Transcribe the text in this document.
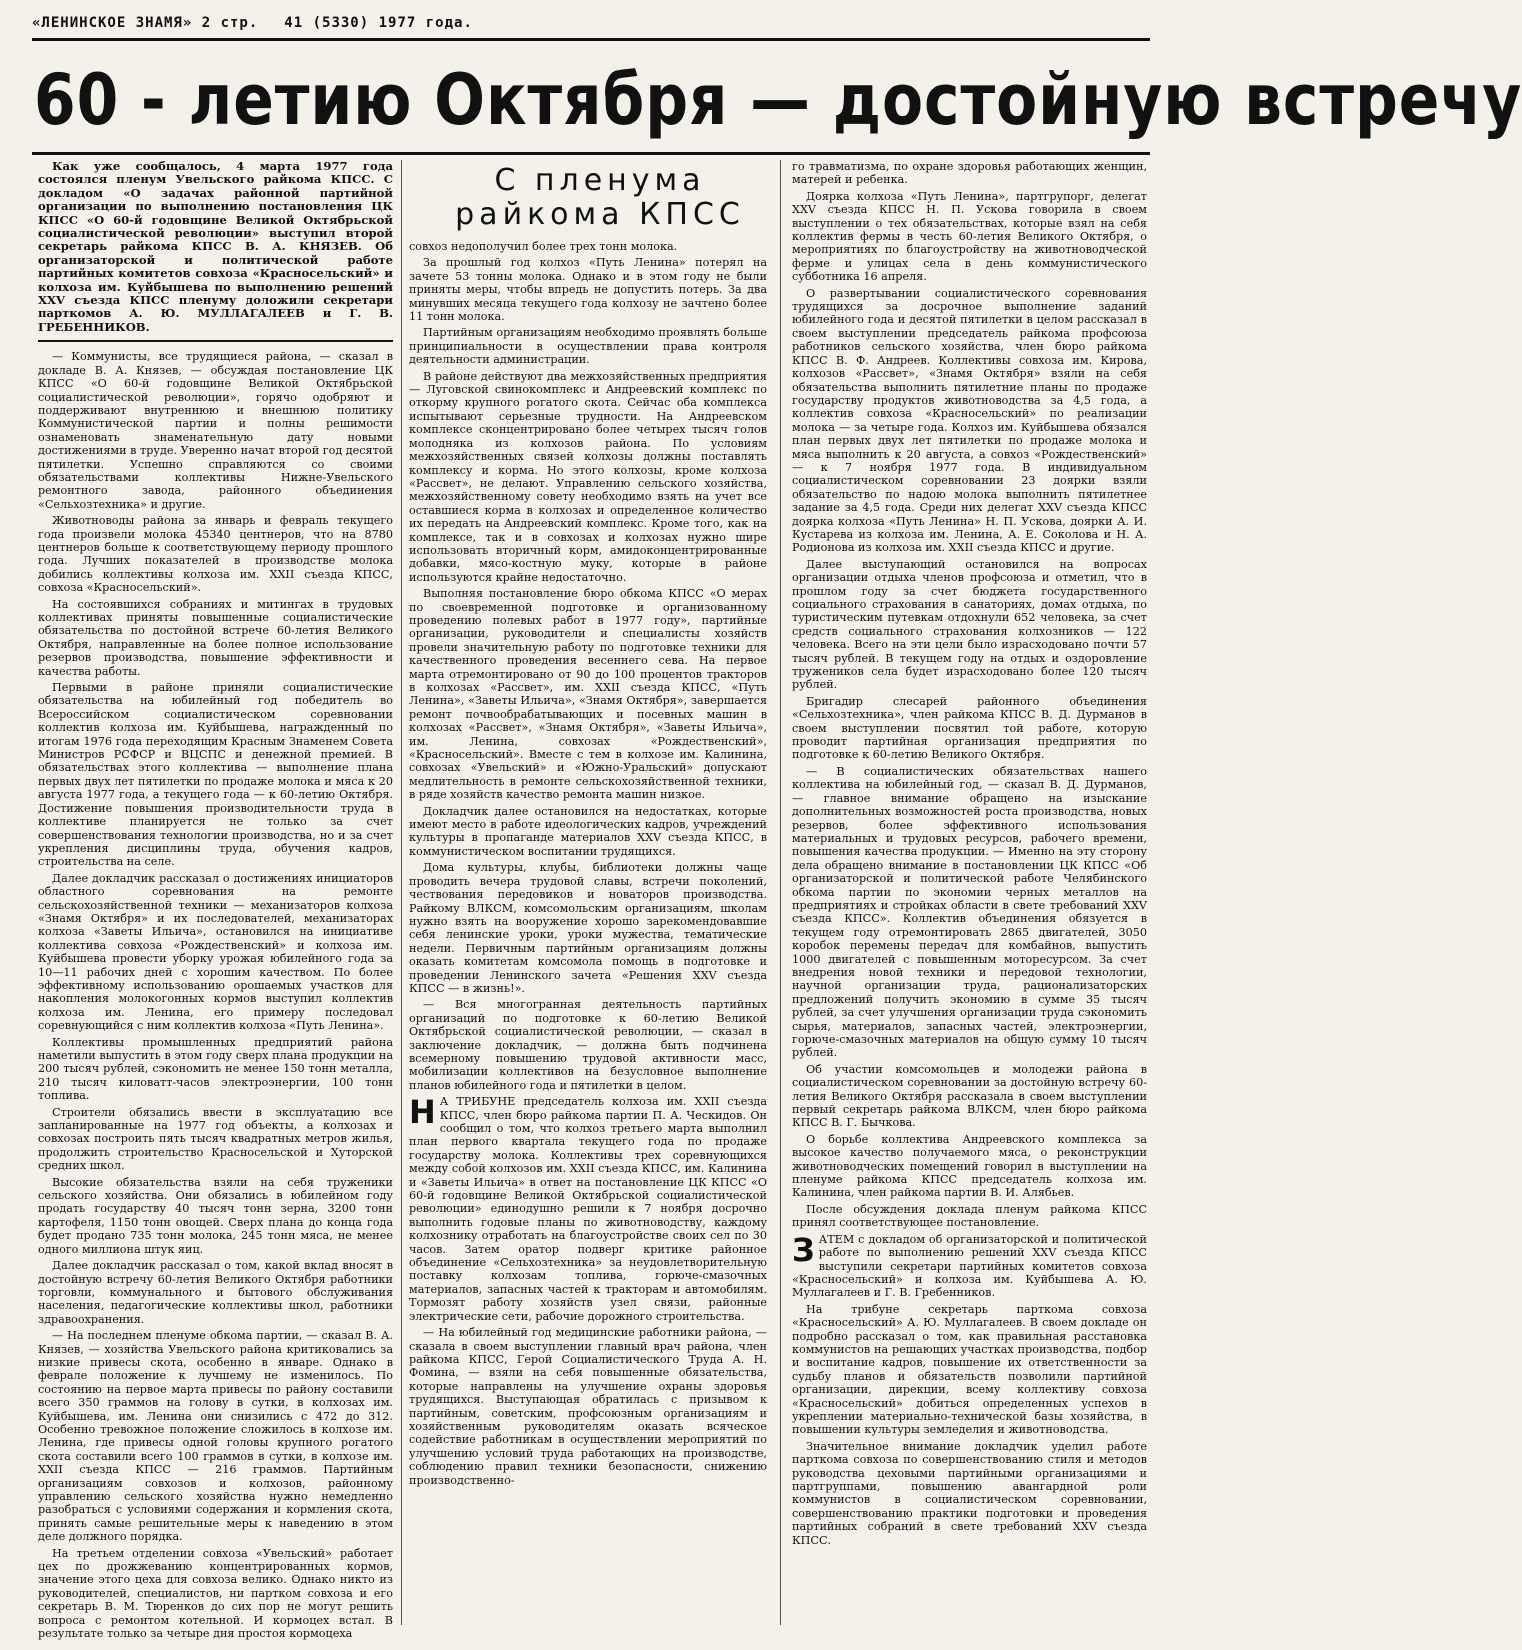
«ЛЕНИНСКОЕ ЗНАМЯ» 2 стр. 41 (5330) 1977 года.
60 - летию Октября — достойную встречу

Как уже сообщалось, 4 марта 1977 года состоялся пленум Увельского райкома КПСС. С докладом «О задачах районной партийной организации по выполнению постановления ЦК КПСС «О 60-й годовщине Великой Октябрьской социалистической революции» выступил второй секретарь райкома КПСС В. А. КНЯЗЕВ. Об организаторской и политической работе партийных комитетов совхоза «Красносельский» и колхоза им. Куйбышева по выполнению решений XXV съезда КПСС пленуму доложили секретари парткомов А. Ю. МУЛЛАГАЛЕЕВ и Г. В. ГРЕБЕННИКОВ.

— Коммунисты, все трудящиеся района, — сказал в докладе В. А. Князев, — обсуждая постановление ЦК КПСС «О 60-й годовщине Великой Октябрьской социалистической революции», горячо одобряют и поддерживают внутреннюю и внешнюю политику Коммунистической партии и полны решимости ознаменовать знаменательную дату новыми достижениями в труде. Уверенно начат второй год десятой пятилетки. Успешно справляются со своими обязательствами коллективы Нижне-Увельского ремонтного завода, районного объединения «Сельхозтехника» и другие.

Животноводы района за январь и февраль текущего года произвели молока 45340 центнеров, что на 8780 центнеров больше к соответствующему периоду прошлого года. Лучших показателей в производстве молока добились коллективы колхоза им. XXII съезда КПСС, совхоза «Красносельский».

На состоявшихся собраниях и митингах в трудовых коллективах приняты повышенные социалистические обязательства по достойной встрече 60-летия Великого Октября, направленные на более полное использование резервов производства, повышение эффективности и качества работы.

Первыми в районе приняли социалистические обязательства на юбилейный год победитель во Всероссийском социалистическом соревновании коллектив колхоза им. Куйбышева, награжденный по итогам 1976 года переходящим Красным Знаменем Совета Министров РСФСР и ВЦСПС и денежной премией. В обязательствах этого коллектива — выполнение плана первых двух лет пятилетки по продаже молока и мяса к 20 августа 1977 года, а текущего года — к 60-летию Октября. Достижение повышения производительности труда в коллективе планируется не только за счет совершенствования технологии производства, но и за счет укрепления дисциплины труда, обучения кадров, строительства на селе.

Далее докладчик рассказал о достижениях инициаторов областного соревнования на ремонте сельскохозяйственной техники — механизаторов колхоза «Знамя Октября» и их последователей, механизаторах колхоза «Заветы Ильича», остановился на инициативе коллектива совхоза «Рождественский» и колхоза им. Куйбышева провести уборку урожая юбилейного года за 10—11 рабочих дней с хорошим качеством. По более эффективному использованию орошаемых участков для накопления молокогонных кормов выступил коллектив колхоза им. Ленина, его примеру последовал соревнующийся с ним коллектив колхоза «Путь Ленина».

Коллективы промышленных предприятий района наметили выпустить в этом году сверх плана продукции на 200 тысяч рублей, сэкономить не менее 150 тонн металла, 210 тысяч киловатт-часов электроэнергии, 100 тонн топлива.

Строители обязались ввести в эксплуатацию все запланированные на 1977 год объекты, а колхозах и совхозах построить пять тысяч квадратных метров жилья, продолжить строительство Красносельской и Хуторской средних школ.

Высокие обязательства взяли на себя труженики сельского хозяйства. Они обязались в юбилейном году продать государству 40 тысяч тонн зерна, 3200 тонн картофеля, 1150 тонн овощей. Сверх плана до конца года будет продано 735 тонн молока, 245 тонн мяса, не менее одного миллиона штук яиц.

Далее докладчик рассказал о том, какой вклад вносят в достойную встречу 60-летия Великого Октября работники торговли, коммунального и бытового обслуживания населения, педагогические коллективы школ, работники здравоохранения.

— На последнем пленуме обкома партии, — сказал В. А. Князев, — хозяйства Увельского района критиковались за низкие привесы скота, особенно в январе. Однако в феврале положение к лучшему не изменилось. По состоянию на первое марта привесы по району составили всего 350 граммов на голову в сутки, в колхозах им. Куйбышева, им. Ленина они снизились с 472 до 312. Особенно тревожное положение сложилось в колхозе им. Ленина, где привесы одной головы крупного рогатого скота составили всего 100 граммов в сутки, в колхозе им. XXII съезда КПСС — 216 граммов. Партийным организациям совхозов и колхозов, районному управлению сельского хозяйства нужно немедленно разобраться с условиями содержания и кормления скота, принять самые решительные меры к наведению в этом деле должного порядка.

На третьем отделении совхоза «Увельский» работает цех по дрожжеванию концентрированных кормов, значение этого цеха для совхоза велико. Однако никто из руководителей, специалистов, ни партком совхоза и его секретарь В. М. Тюренков до сих пор не могут решить вопроса с ремонтом котельной. И кормоцех встал. В результате только за четыре дня простоя кормоцеха

совхоз недополучил более трех тонн молока.

За прошлый год колхоз «Путь Ленина» потерял на зачете 53 тонны молока. Однако и в этом году не были приняты меры, чтобы впредь не допустить потерь. За два минувших месяца текущего года колхозу не зачтено более 11 тонн молока.

Партийным организациям необходимо проявлять больше принципиальности в осуществлении права контроля деятельности администрации.

В районе действуют два межхозяйственных предприятия — Луговской свинокомплекс и Андреевский комплекс по откорму крупного рогатого скота. Сейчас оба комплекса испытывают серьезные трудности. На Андреевском комплексе сконцентрировано более четырех тысяч голов молодняка из колхозов района. По условиям межхозяйственных связей колхозы должны поставлять комплексу и корма. Но этого колхозы, кроме колхоза «Рассвет», не делают. Управлению сельского хозяйства, межхозяйственному совету необходимо взять на учет все оставшиеся корма в колхозах и определенное количество их передать на Андреевский комплекс. Кроме того, как на комплексе, так и в совхозах и колхозах нужно шире использовать вторичный корм, амидоконцентрированные добавки, мясо-костную муку, которые в районе используются крайне недостаточно.

Выполняя постановление бюро обкома КПСС «О мерах по своевременной подготовке и организованному проведению полевых работ в 1977 году», партийные организации, руководители и специалисты хозяйств провели значительную работу по подготовке техники для качественного проведения весеннего сева. На первое марта отремонтировано от 90 до 100 процентов тракторов в колхозах «Рассвет», им. XXII съезда КПСС, «Путь Ленина», «Заветы Ильича», «Знамя Октября», завершается ремонт почвообрабатывающих и посевных машин в колхозах «Рассвет», «Знамя Октября», «Заветы Ильича», им. Ленина, совхозах «Рождественский», «Красносельский». Вместе с тем в колхозе им. Калинина, совхозах «Увельский» и «Южно-Уральский» допускают медлительность в ремонте сельскохозяйственной техники, в ряде хозяйств качество ремонта машин низкое.

Докладчик далее остановился на недостатках, которые имеют место в работе идеологических кадров, учреждений культуры в пропаганде материалов XXV съезда КПСС, в коммунистическом воспитании трудящихся.

Дома культуры, клубы, библиотеки должны чаще проводить вечера трудовой славы, встречи поколений, чествования передовиков и новаторов производства. Райкому ВЛКСМ, комсомольским организациям, школам нужно взять на вооружение хорошо зарекомендовавшие себя ленинские уроки, уроки мужества, тематические недели. Первичным партийным организациям должны оказать комитетам комсомола помощь в подготовке и проведении Ленинского зачета «Решения XXV съезда КПСС — в жизнь!».

— Вся многогранная деятельность партийных организаций по подготовке к 60-летию Великой Октябрьской социалистической революции, — сказал в заключение докладчик, — должна быть подчинена всемерному повышению трудовой активности масс, мобилизации коллективов на безусловное выполнение планов юбилейного года и пятилетки в целом.

Н А ТРИБУНЕ председатель колхоза им. XXII съезда КПСС, член бюро райкома партии П. А. Ческидов. Он сообщил о том, что колхоз третьего марта выполнил план первого квартала текущего года по продаже государству молока. Коллективы трех соревнующихся между собой колхозов им. XXII съезда КПСС, им. Калинина и «Заветы Ильича» в ответ на постановление ЦК КПСС «О 60-й годовщине Великой Октябрьской социалистической революции» единодушно решили к 7 ноября досрочно выполнить годовые планы по животноводству, каждому колхознику отработать на благоустройстве своих сел по 30 часов. Затем оратор подверг критике районное объединение «Сельхозтехника» за неудовлетворительную поставку колхозам топлива, горюче-смазочных материалов, запасных частей к тракторам и автомобилям. Тормозят работу хозяйств узел связи, районные электрические сети, рабочие дорожного строительства.

— На юбилейный год медицинские работники района, — сказала в своем выступлении главный врач района, член райкома КПСС, Герой Социалистического Труда А. Н. Фомина, — взяли на себя повышенные обязательства, которые направлены на улучшение охраны здоровья трудящихся. Выступающая обратилась с призывом к партийным, советским, профсоюзным организациям и хозяйственным руководителям оказать всяческое содействие работникам в осуществлении мероприятий по улучшению условий труда работающих на производстве, соблюдению правил техники безопасности, снижению производственно-

С пленума
райкома КПСС

го травматизма, по охране здоровья работающих женщин, матерей и ребенка.

Доярка колхоза «Путь Ленина», партгрупорг, делегат XXV съезда КПСС Н. П. Ускова говорила в своем выступлении о тех обязательствах, которые взял на себя коллектив фермы в честь 60-летия Великого Октября, о мероприятиях по благоустройству на животноводческой ферме и улицах села в день коммунистического субботника 16 апреля.

О развертывании социалистического соревнования трудящихся за досрочное выполнение заданий юбилейного года и десятой пятилетки в целом рассказал в своем выступлении председатель райкома профсоюза работников сельского хозяйства, член бюро райкома КПСС В. Ф. Андреев. Коллективы совхоза им. Кирова, колхозов «Рассвет», «Знамя Октября» взяли на себя обязательства выполнить пятилетние планы по продаже государству продуктов животноводства за 4,5 года, а коллектив совхоза «Красносельский» по реализации молока — за четыре года. Колхоз им. Куйбышева обязался план первых двух лет пятилетки по продаже молока и мяса выполнить к 20 августа, а совхоз «Рождественский» — к 7 ноября 1977 года. В индивидуальном социалистическом соревновании 23 доярки взяли обязательство по надою молока выполнить пятилетнее задание за 4,5 года. Среди них делегат XXV съезда КПСС доярка колхоза «Путь Ленина» Н. П. Ускова, доярки А. И. Кустарева из колхоза им. Ленина, А. Е. Соколова и Н. А. Родионова из колхоза им. XXII съезда КПСС и другие.

Далее выступающий остановился на вопросах организации отдыха членов профсоюза и отметил, что в прошлом году за счет бюджета государственного социального страхования в санаториях, домах отдыха, по туристическим путевкам отдохнули 652 человека, за счет средств социального страхования колхозников — 122 человека. Всего на эти цели было израсходовано почти 57 тысяч рублей. В текущем году на отдых и оздоровление тружеников села будет израсходовано более 120 тысяч рублей.

Бригадир слесарей районного объединения «Сельхозтехника», член райкома КПСС В. Д. Дурманов в своем выступлении посвятил той работе, которую проводит партийная организация предприятия по подготовке к 60-летию Великого Октября.

— В социалистических обязательствах нашего коллектива на юбилейный год, — сказал В. Д. Дурманов, — главное внимание обращено на изыскание дополнительных возможностей роста производства, новых резервов, более эффективного использования материальных и трудовых ресурсов, рабочего времени, повышения качества продукции. — Именно на эту сторону дела обращено внимание в постановлении ЦК КПСС «Об организаторской и политической работе Челябинского обкома партии по экономии черных металлов на предприятиях и стройках области в свете требований XXV съезда КПСС». Коллектив объединения обязуется в текущем году отремонтировать 2865 двигателей, 3050 коробок перемены передач для комбайнов, выпустить 1000 двигателей с повышенным моторесурсом. За счет внедрения новой техники и передовой технологии, научной организации труда, рационализаторских предложений получить экономию в сумме 35 тысяч рублей, за счет улучшения организации труда сэкономить сырья, материалов, запасных частей, электроэнергии, горюче-смазочных материалов на общую сумму 10 тысяч рублей.

Об участии комсомольцев и молодежи района в социалистическом соревновании за достойную встречу 60-летия Великого Октября рассказала в своем выступлении первый секретарь райкома ВЛКСМ, член бюро райкома КПСС В. Г. Бычкова.

О борьбе коллектива Андреевского комплекса за высокое качество получаемого мяса, о реконструкции животноводческих помещений говорил в выступлении на пленуме райкома КПСС председатель колхоза им. Калинина, член райкома партии В. И. Алябьев.

После обсуждения доклада пленум райкома КПСС принял соответствующее постановление.

ЗАТЕМ с докладом об организаторской и политической работе по выполнению решений XXV съезда КПСС выступили секретари партийных комитетов совхоза «Красносельский» и колхоза им. Куйбышева А. Ю. Муллагалеев и Г. В. Гребенников.

На трибуне секретарь парткома совхоза «Красносельский» А. Ю. Муллагалеев. В своем докладе он подробно рассказал о том, как правильная расстановка коммунистов на решающих участках производства, подбор и воспитание кадров, повышение их ответственности за судьбу планов и обязательств позволили партийной организации, дирекции, всему коллективу совхоза «Красносельский» добиться определенных успехов в укреплении материально-технической базы хозяйства, в повышении культуры земледелия и животноводства.

Значительное внимание докладчик уделил работе парткома совхоза по совершенствованию стиля и методов руководства цеховыми партийными организациями и партгруппами, повышению авангардной роли коммунистов в социалистическом соревновании, совершенствованию практики подготовки и проведения партийных собраний в свете требований XXV съезда КПСС.
